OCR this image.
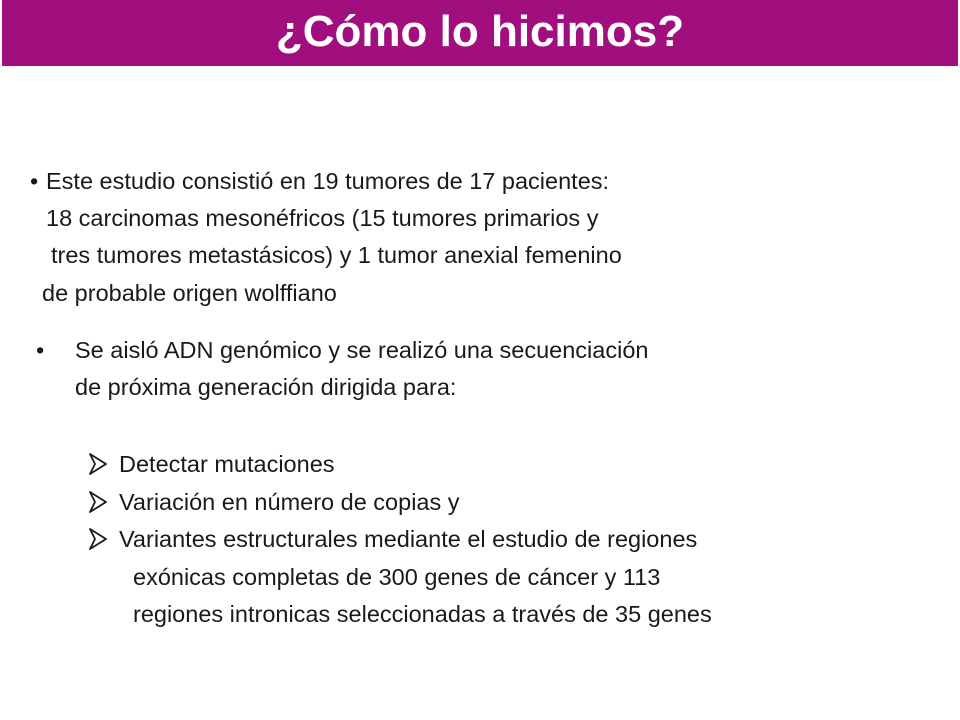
¿Cómo lo hicimos?
• Este estudio consistió en 19 tumores de 17 pacientes:
18 carcinomas mesonéfricos (15 tumores primarios y
tres tumores metastásicos) y 1 tumor anexial femenino
de probable origen wolffiano
• Se aisló ADN genómico y se realizó una secuenciación
de próxima generación dirigida para:
Detectar mutaciones
Variación en número de copias y
Variantes estructurales mediante el estudio de regiones
exónicas completas de 300 genes de cáncer y 113
regiones intronicas seleccionadas a través de 35 genes
